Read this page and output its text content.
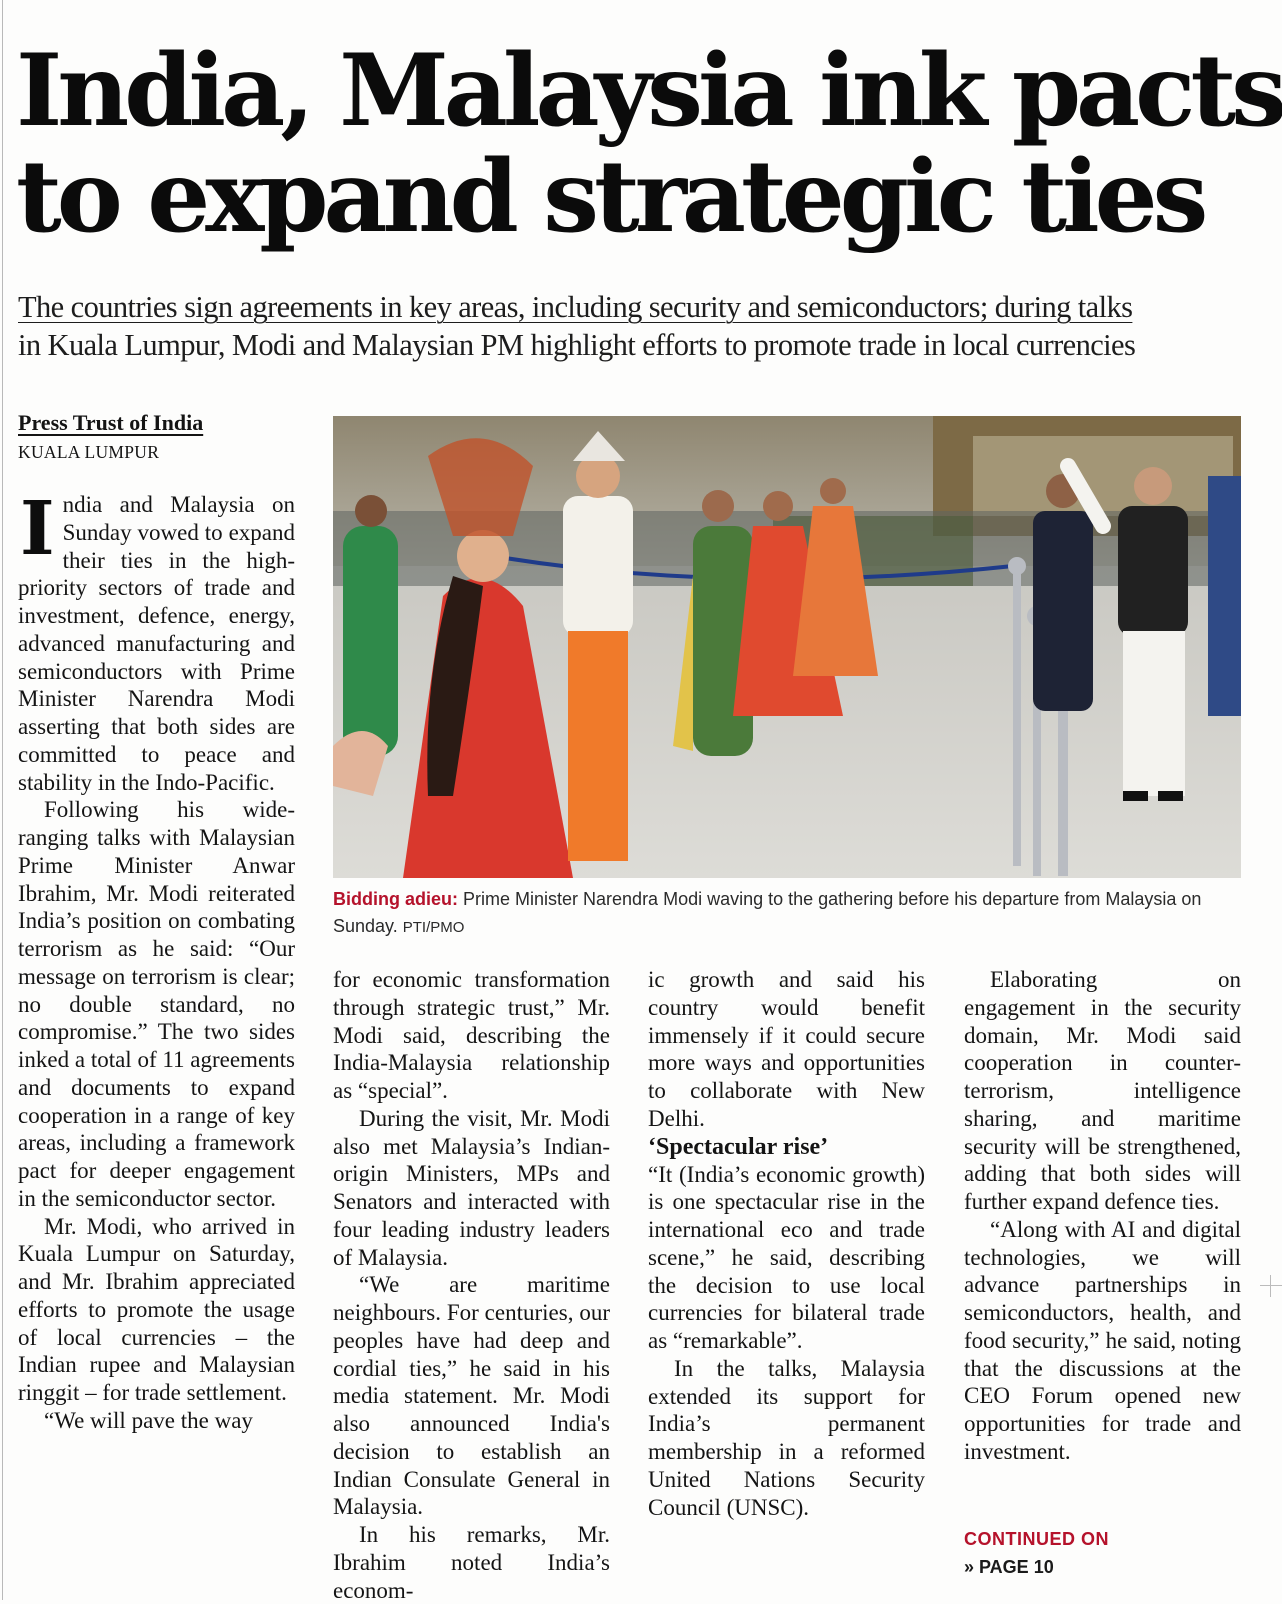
India, Malaysia ink pacts
to expand strategic ties

The countries sign agreements in key areas, including security and semiconductors; during talks
in Kuala Lumpur, Modi and Malaysian PM highlight efforts to promote trade in local currencies

Press Trust of India
KUALA LUMPUR

India and Malaysia on Sunday vowed to expand their ties in the high-priority sectors of trade and investment, defence, energy, advanced manufacturing and semiconductors with Prime Minister Narendra Modi asserting that both sides are committed to peace and stability in the Indo-Pacific.

Following his wide-ranging talks with Malaysian Prime Minister Anwar Ibrahim, Mr. Modi reiterated India’s position on combating terrorism as he said: “Our message on terrorism is clear; no double standard, no compromise.” The two sides inked a total of 11 agreements and documents to expand cooperation in a range of key areas, including a framework pact for deeper engagement in the semiconductor sector.

Mr. Modi, who arrived in Kuala Lumpur on Saturday, and Mr. Ibrahim appreciated efforts to promote the usage of local currencies – the Indian rupee and Malaysian ringgit – for trade settlement.

“We will pave the way

Bidding adieu: Prime Minister Narendra Modi waving to the gathering before his departure from Malaysia on Sunday. PTI/PMO

for economic transformation through strategic trust,” Mr. Modi said, describing the India-Malaysia relationship as “special”.

During the visit, Mr. Modi also met Malaysia’s Indian-origin Ministers, MPs and Senators and interacted with four leading industry leaders of Malaysia.

“We are maritime neighbours. For centuries, our peoples have had deep and cordial ties,” he said in his media statement. Mr. Modi also announced India's decision to establish an Indian Consulate General in Malaysia.

In his remarks, Mr. Ibrahim noted India’s econom-

ic growth and said his country would benefit immensely if it could secure more ways and opportunities to collaborate with New Delhi.

‘Spectacular rise’

“It (India’s economic growth) is one spectacular rise in the international eco and trade scene,” he said, describing the decision to use local currencies for bilateral trade as “remarkable”.

In the talks, Malaysia extended its support for India’s permanent membership in a reformed United Nations Security Council (UNSC).

Elaborating on engagement in the security domain, Mr. Modi said cooperation in counter-terrorism, intelligence sharing, and maritime security will be strengthened, adding that both sides will further expand defence ties.

“Along with AI and digital technologies, we will advance partnerships in semiconductors, health, and food security,” he said, noting that the discussions at the CEO Forum opened new opportunities for trade and investment.

CONTINUED ON
» PAGE 10
